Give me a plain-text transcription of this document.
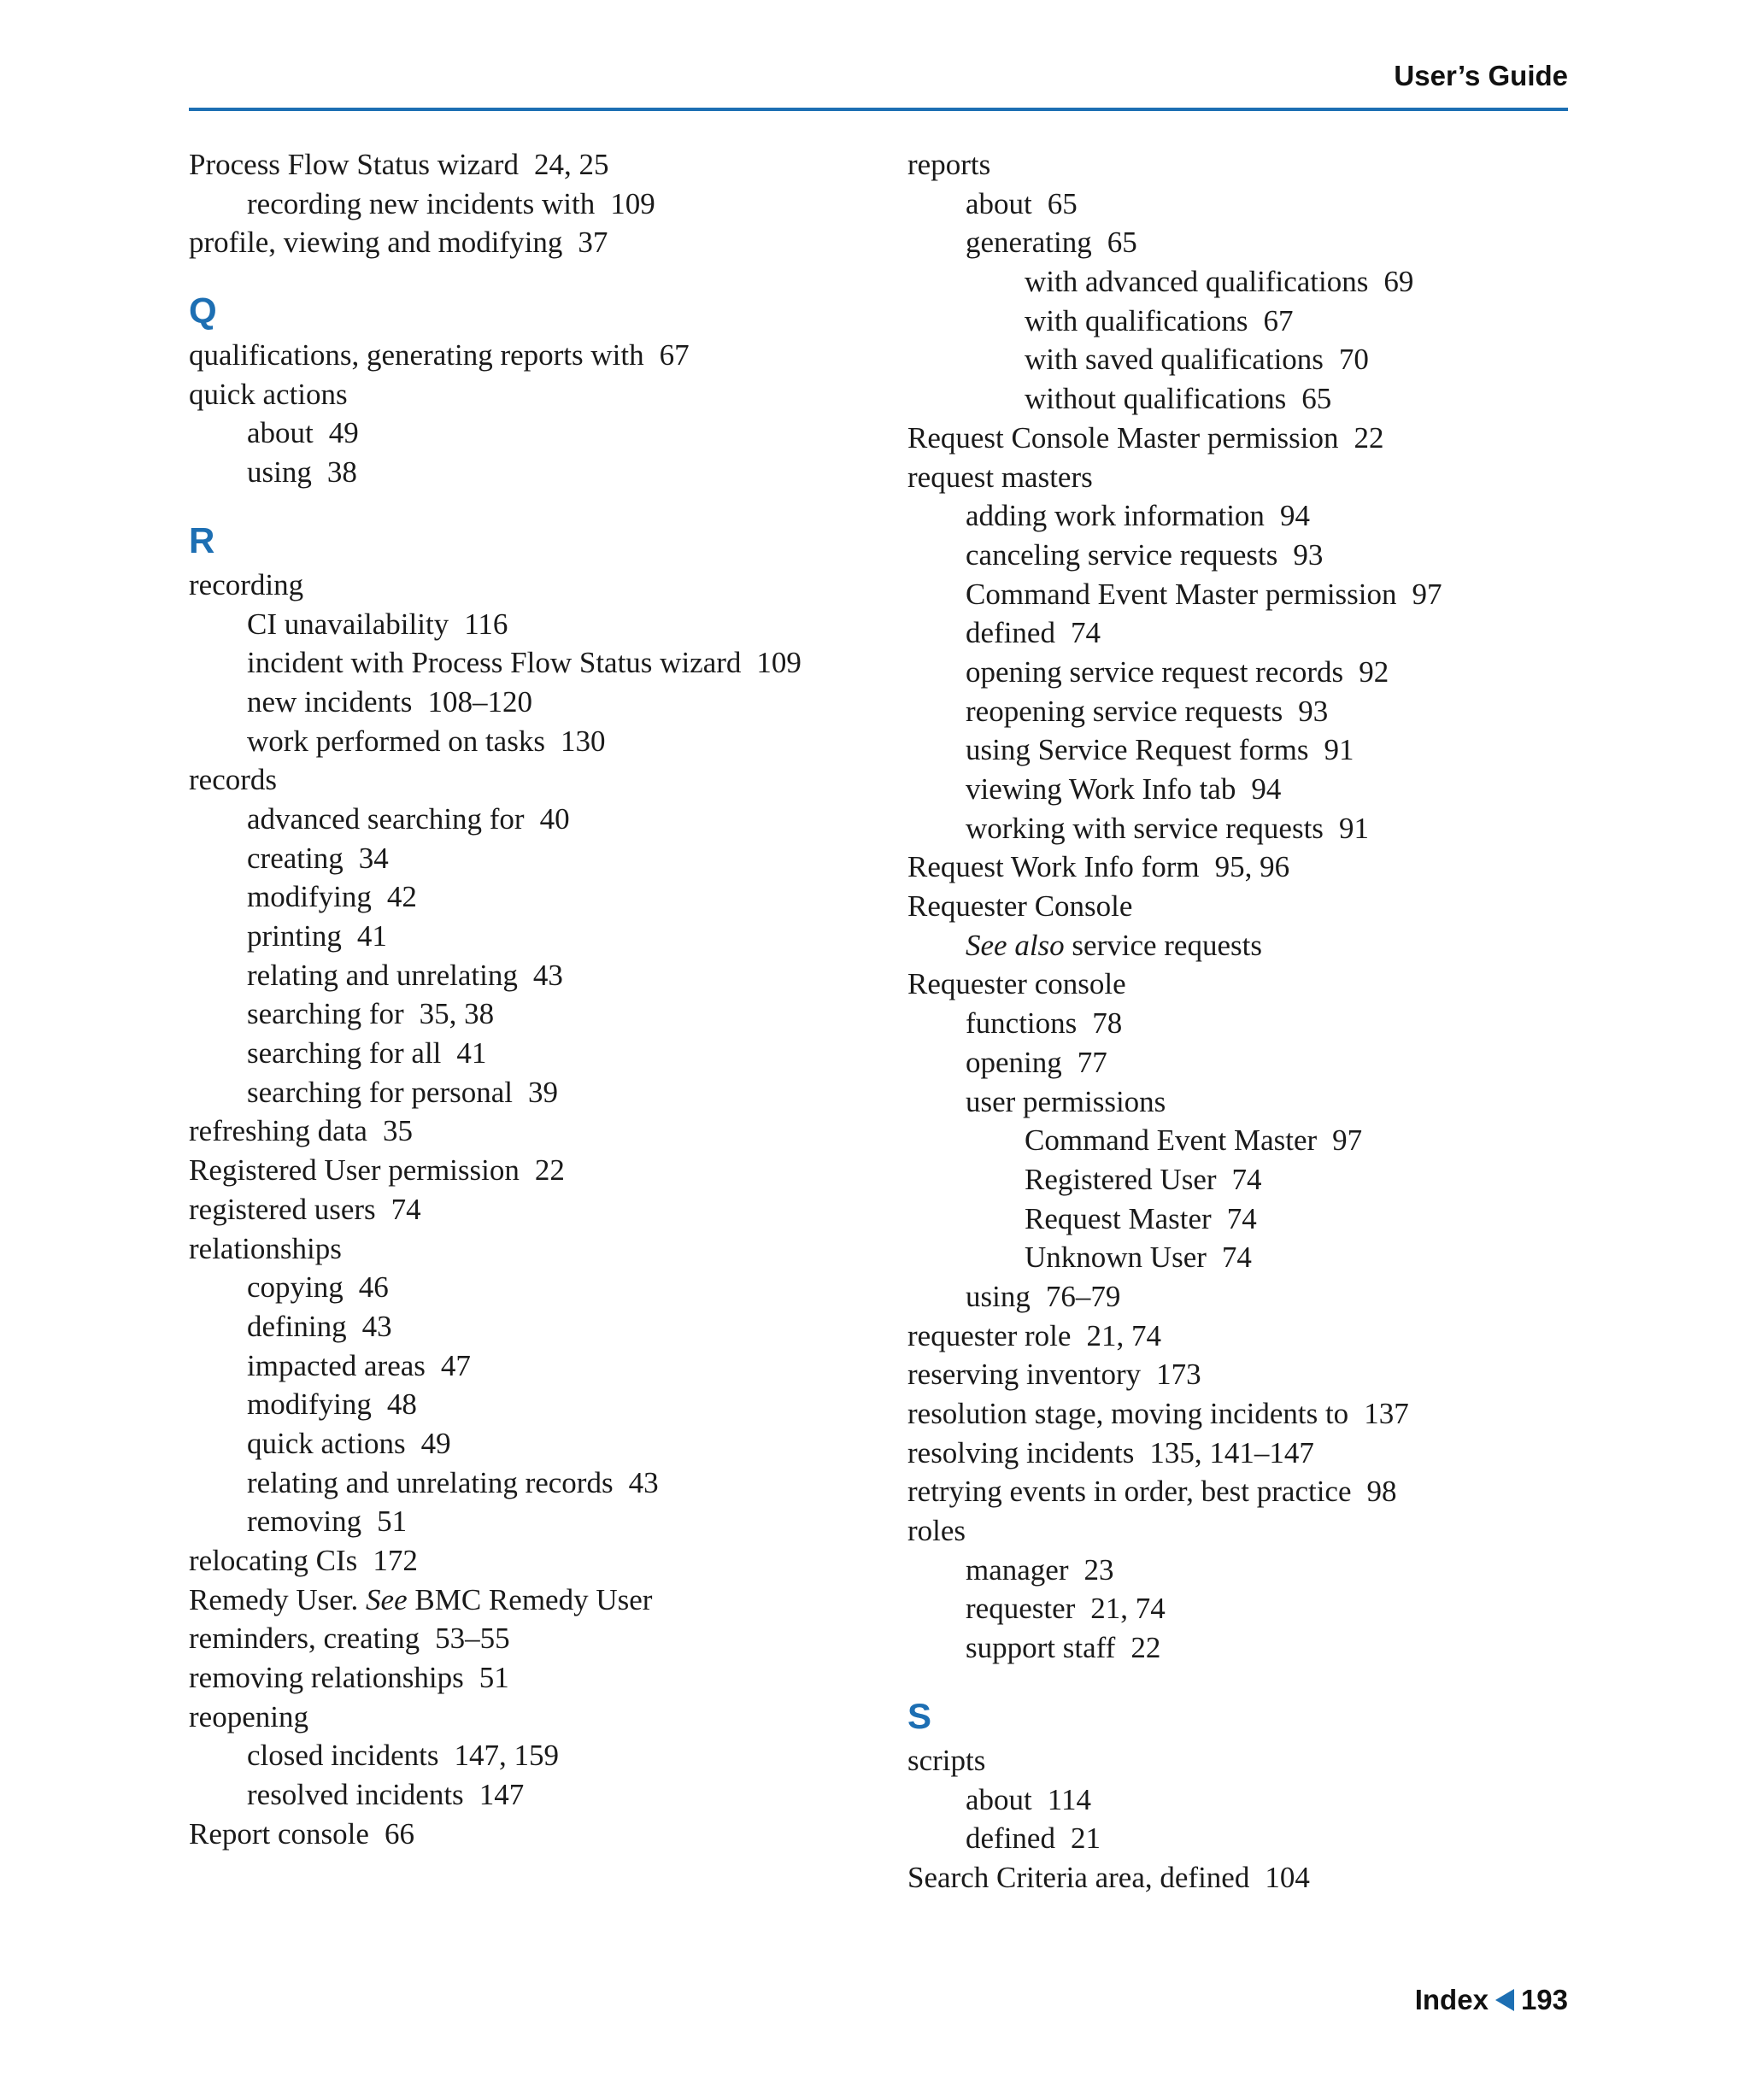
User’s Guide
Process Flow Status wizard 24, 25
recording new incidents with 109
profile, viewing and modifying 37
Q
qualifications, generating reports with 67
quick actions
about 49
using 38
R
recording
CI unavailability 116
incident with Process Flow Status wizard 109
new incidents 108–120
work performed on tasks 130
records
advanced searching for 40
creating 34
modifying 42
printing 41
relating and unrelating 43
searching for 35, 38
searching for all 41
searching for personal 39
refreshing data 35
Registered User permission 22
registered users 74
relationships
copying 46
defining 43
impacted areas 47
modifying 48
quick actions 49
relating and unrelating records 43
removing 51
relocating CIs 172
Remedy User. See BMC Remedy User
reminders, creating 53–55
removing relationships 51
reopening
closed incidents 147, 159
resolved incidents 147
Report console 66
reports
about 65
generating 65
with advanced qualifications 69
with qualifications 67
with saved qualifications 70
without qualifications 65
Request Console Master permission 22
request masters
adding work information 94
canceling service requests 93
Command Event Master permission 97
defined 74
opening service request records 92
reopening service requests 93
using Service Request forms 91
viewing Work Info tab 94
working with service requests 91
Request Work Info form 95, 96
Requester Console
See also service requests
Requester console
functions 78
opening 77
user permissions
Command Event Master 97
Registered User 74
Request Master 74
Unknown User 74
using 76–79
requester role 21, 74
reserving inventory 173
resolution stage, moving incidents to 137
resolving incidents 135, 141–147
retrying events in order, best practice 98
roles
manager 23
requester 21, 74
support staff 22
S
scripts
about 114
defined 21
Search Criteria area, defined 104
Index 193
